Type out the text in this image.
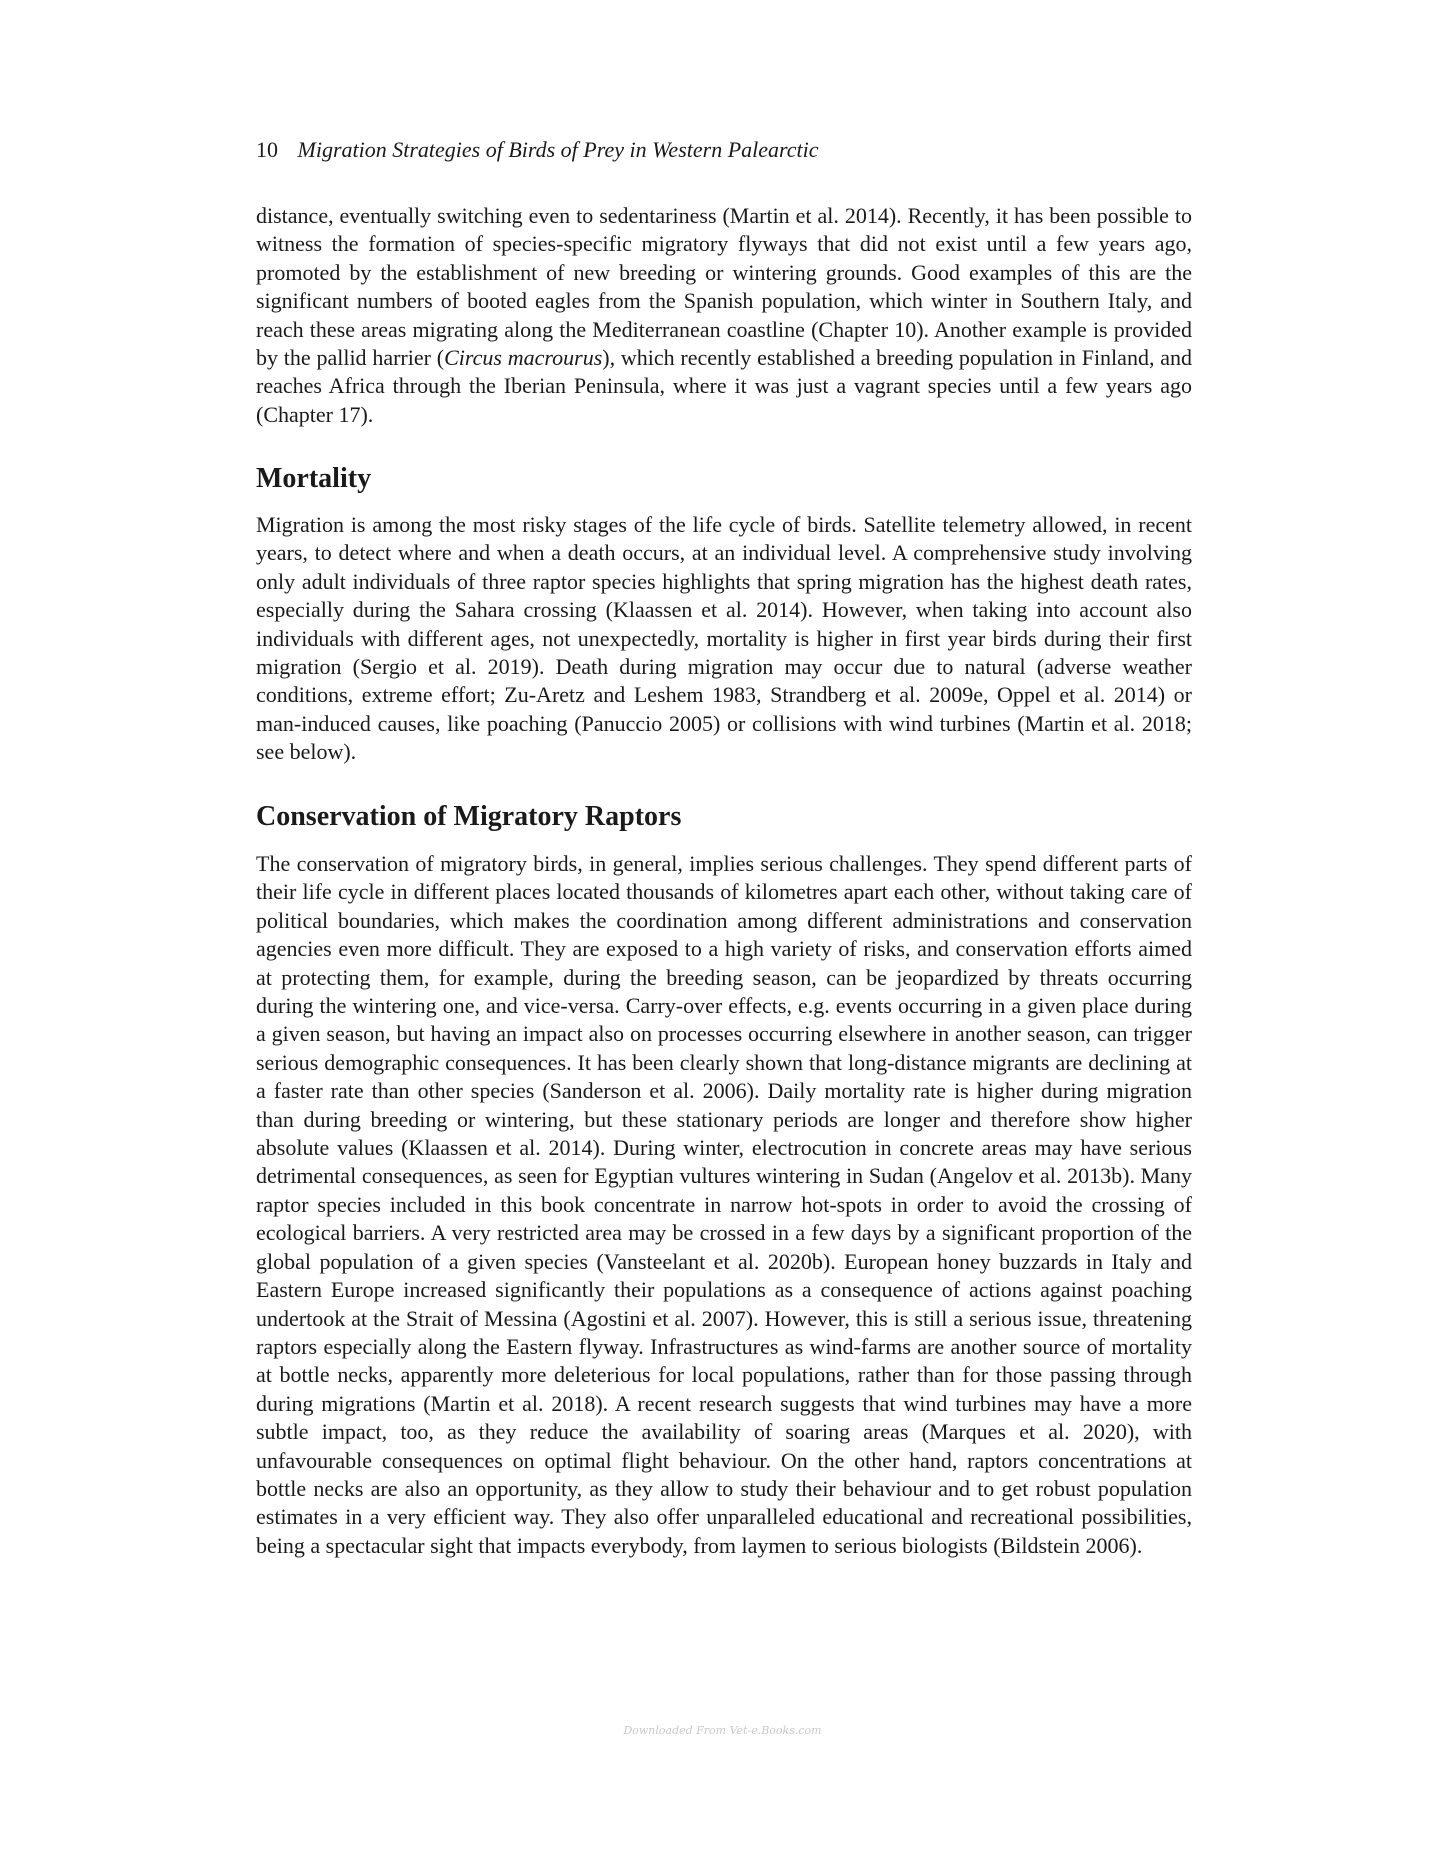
10 Migration Strategies of Birds of Prey in Western Palearctic

distance, eventually switching even to sedentariness (Martin et al. 2014). Recently, it has been possible to witness the formation of species-specific migratory flyways that did not exist until a few years ago, promoted by the establishment of new breeding or wintering grounds. Good examples of this are the significant numbers of booted eagles from the Spanish population, which winter in Southern Italy, and reach these areas migrating along the Mediterranean coastline (Chapter 10). Another example is provided by the pallid harrier (Circus macrourus), which recently established a breeding population in Finland, and reaches Africa through the Iberian Peninsula, where it was just a vagrant species until a few years ago (Chapter 17).

Mortality

Migration is among the most risky stages of the life cycle of birds. Satellite telemetry allowed, in recent years, to detect where and when a death occurs, at an individual level. A comprehensive study involving only adult individuals of three raptor species highlights that spring migration has the highest death rates, especially during the Sahara crossing (Klaassen et al. 2014). However, when taking into account also individuals with different ages, not unexpectedly, mortality is higher in first year birds during their first migration (Sergio et al. 2019). Death during migration may occur due to natural (adverse weather conditions, extreme effort; Zu-Aretz and Leshem 1983, Strandberg et al. 2009e, Oppel et al. 2014) or man-induced causes, like poaching (Panuccio 2005) or collisions with wind turbines (Martin et al. 2018; see below).

Conservation of Migratory Raptors

The conservation of migratory birds, in general, implies serious challenges. They spend different parts of their life cycle in different places located thousands of kilometres apart each other, without taking care of political boundaries, which makes the coordination among different administrations and conservation agencies even more difficult. They are exposed to a high variety of risks, and conservation efforts aimed at protecting them, for example, during the breeding season, can be jeopardized by threats occurring during the wintering one, and vice-versa. Carry-over effects, e.g. events occurring in a given place during a given season, but having an impact also on processes occurring elsewhere in another season, can trigger serious demographic consequences. It has been clearly shown that long-distance migrants are declining at a faster rate than other species (Sanderson et al. 2006). Daily mortality rate is higher during migration than during breeding or wintering, but these stationary periods are longer and therefore show higher absolute values (Klaassen et al. 2014). During winter, electrocution in concrete areas may have serious detrimental consequences, as seen for Egyptian vultures wintering in Sudan (Angelov et al. 2013b). Many raptor species included in this book concentrate in narrow hot-spots in order to avoid the crossing of ecological barriers. A very restricted area may be crossed in a few days by a significant proportion of the global population of a given species (Vansteelant et al. 2020b). European honey buzzards in Italy and Eastern Europe increased significantly their populations as a consequence of actions against poaching undertook at the Strait of Messina (Agostini et al. 2007). However, this is still a serious issue, threatening raptors especially along the Eastern flyway. Infrastructures as wind-farms are another source of mortality at bottle necks, apparently more deleterious for local populations, rather than for those passing through during migrations (Martin et al. 2018). A recent research suggests that wind turbines may have a more subtle impact, too, as they reduce the availability of soaring areas (Marques et al. 2020), with unfavourable consequences on optimal flight behaviour. On the other hand, raptors concentrations at bottle necks are also an opportunity, as they allow to study their behaviour and to get robust population estimates in a very efficient way. They also offer unparalleled educational and recreational possibilities, being a spectacular sight that impacts everybody, from laymen to serious biologists (Bildstein 2006).

Downloaded From Vet-e.Books.com
